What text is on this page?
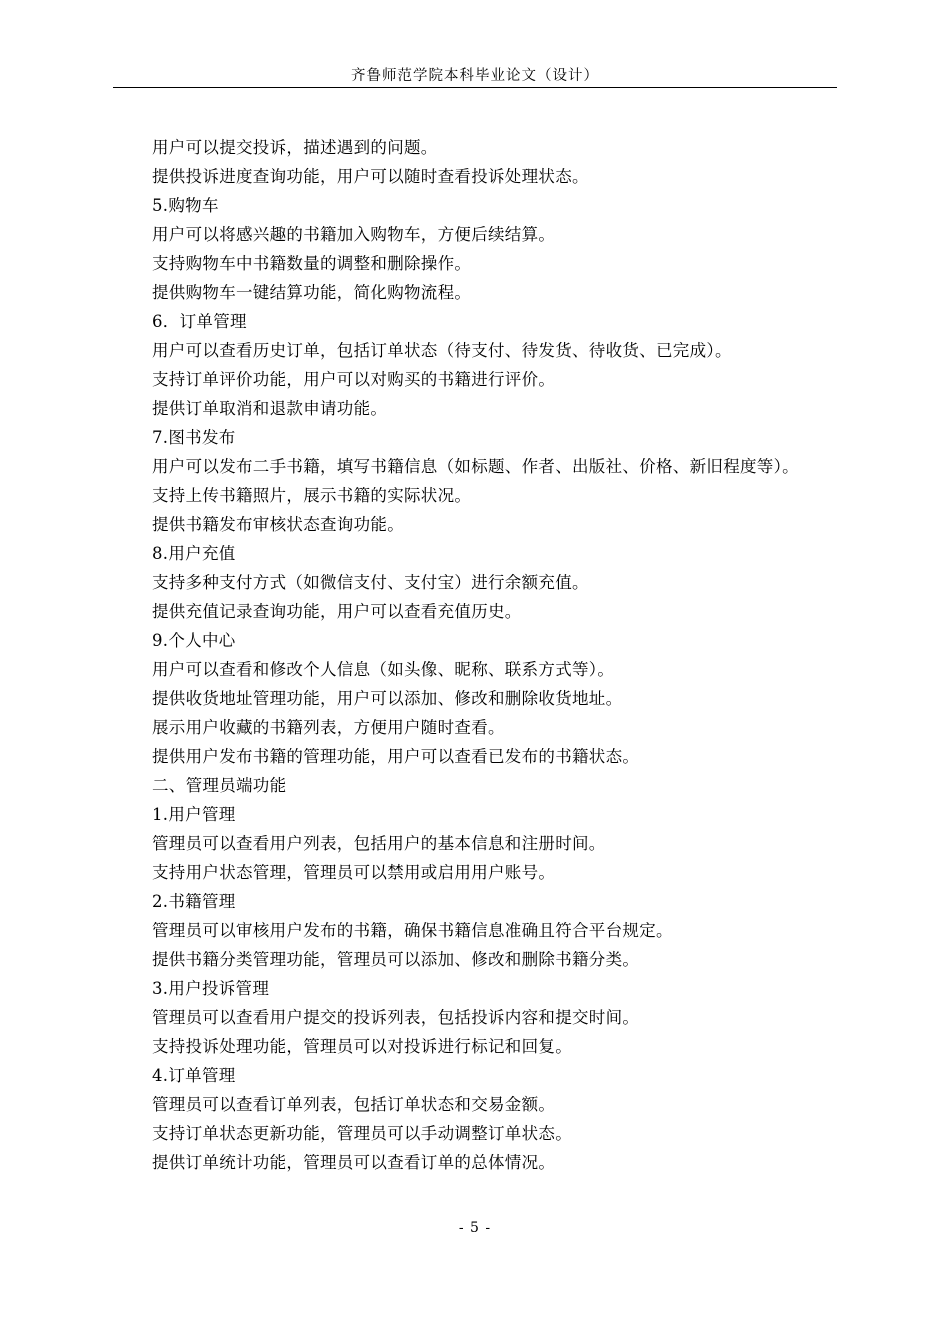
齐鲁师范学院本科毕业论文（设计）

用户可以提交投诉，描述遇到的问题。

提供投诉进度查询功能，用户可以随时查看投诉处理状态。

5.购物车

用户可以将感兴趣的书籍加入购物车，方便后续结算。

支持购物车中书籍数量的调整和删除操作。

提供购物车一键结算功能，简化购物流程。

6．订单管理

用户可以查看历史订单，包括订单状态（待支付、待发货、待收货、已完成）。

支持订单评价功能，用户可以对购买的书籍进行评价。

提供订单取消和退款申请功能。

7.图书发布

用户可以发布二手书籍，填写书籍信息（如标题、作者、出版社、价格、新旧程度等）。

支持上传书籍照片，展示书籍的实际状况。

提供书籍发布审核状态查询功能。

8.用户充值

支持多种支付方式（如微信支付、支付宝）进行余额充值。

提供充值记录查询功能，用户可以查看充值历史。

9.个人中心

用户可以查看和修改个人信息（如头像、昵称、联系方式等）。

提供收货地址管理功能，用户可以添加、修改和删除收货地址。

展示用户收藏的书籍列表，方便用户随时查看。

提供用户发布书籍的管理功能，用户可以查看已发布的书籍状态。

二、管理员端功能

1.用户管理

管理员可以查看用户列表，包括用户的基本信息和注册时间。

支持用户状态管理，管理员可以禁用或启用用户账号。

2.书籍管理

管理员可以审核用户发布的书籍，确保书籍信息准确且符合平台规定。

提供书籍分类管理功能，管理员可以添加、修改和删除书籍分类。

3.用户投诉管理

管理员可以查看用户提交的投诉列表，包括投诉内容和提交时间。

支持投诉处理功能，管理员可以对投诉进行标记和回复。

4.订单管理

管理员可以查看订单列表，包括订单状态和交易金额。

支持订单状态更新功能，管理员可以手动调整订单状态。

提供订单统计功能，管理员可以查看订单的总体情况。

- 5 -
